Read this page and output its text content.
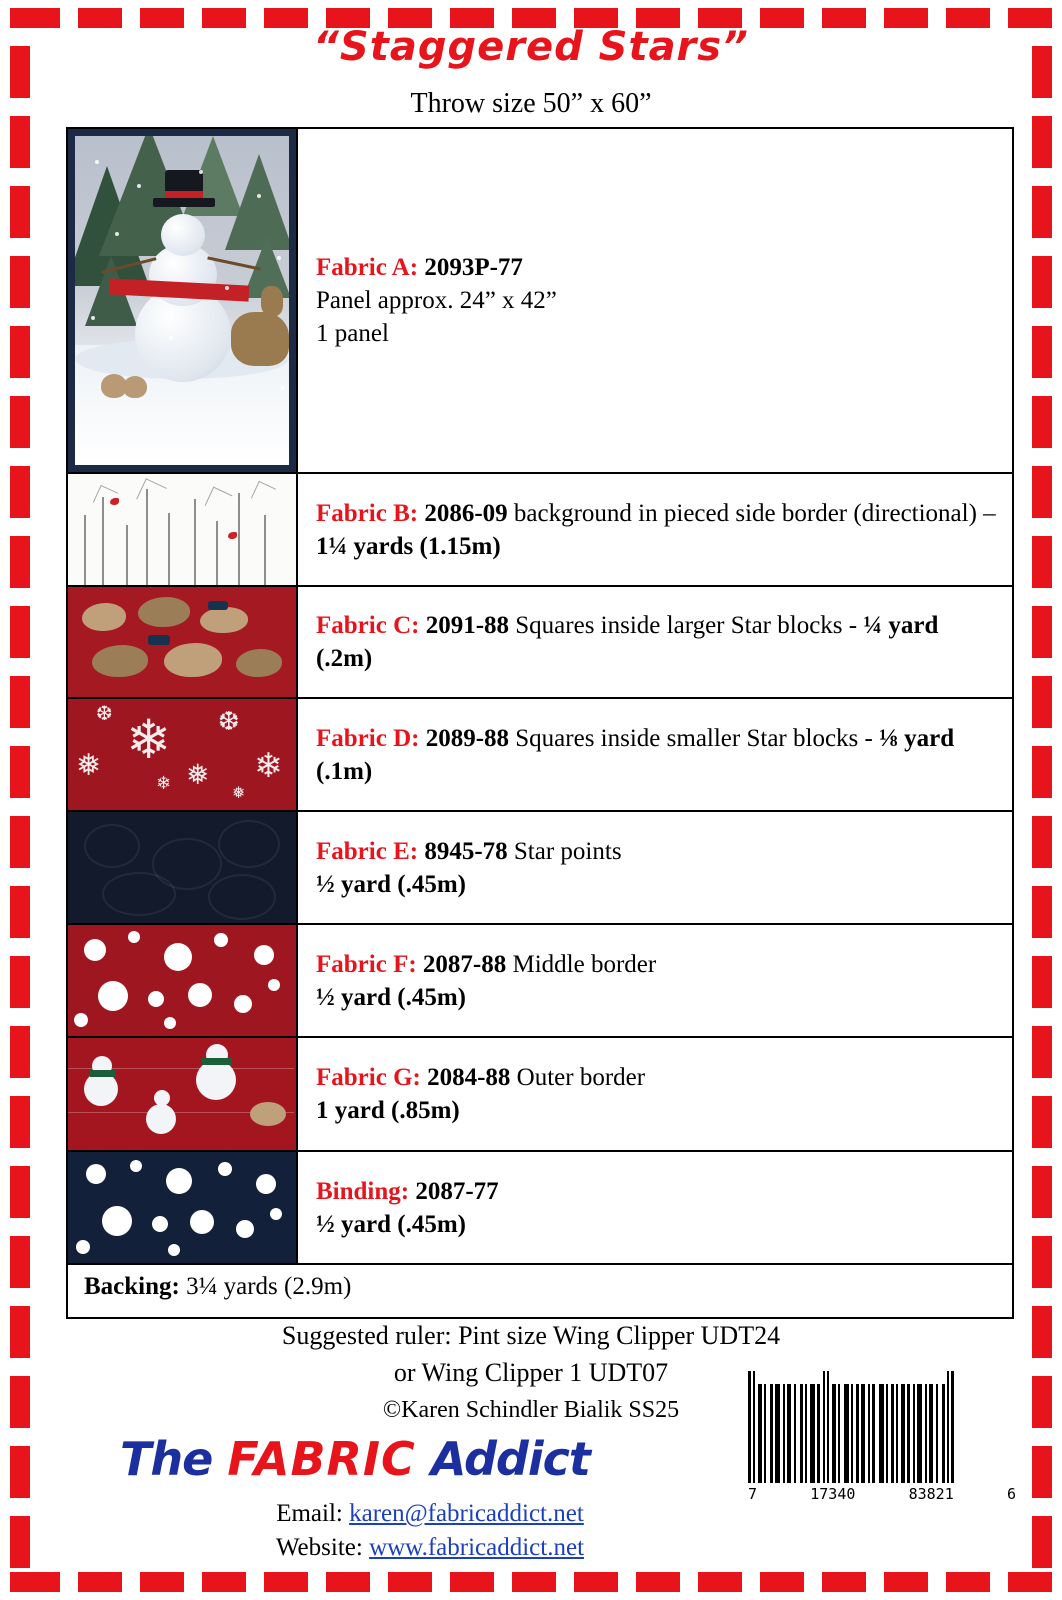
“Staggered Stars”
Throw size 50” x 60”
Fabric A: 2093P-77
Panel approx. 24” x 42”
1 panel
Fabric B: 2086-09 background in pieced side border (directional) – 1¼ yards (1.15m)
Fabric C: 2091-88 Squares inside larger Star blocks - ¼ yard (.2m)
❄
❅
❆
❄
❅
❆
❄	❅
Fabric D: 2089-88 Squares inside smaller Star blocks - ⅛ yard (.1m)
Fabric E: 8945-78 Star points
½ yard (.45m)
Fabric F: 2087-88 Middle border
½ yard (.45m)
Fabric G: 2084-88 Outer border
1 yard (.85m)
Binding: 2087-77
½ yard (.45m)
Backing: 3¼ yards (2.9m)
Suggested ruler: Pint size Wing Clipper UDT24
or Wing Clipper 1 UDT07
©Karen Schindler Bialik SS25
The FABRIC Addict
Email: karen@fabricaddict.net
Website: www.fabricaddict.net
7	17340	83821	6
